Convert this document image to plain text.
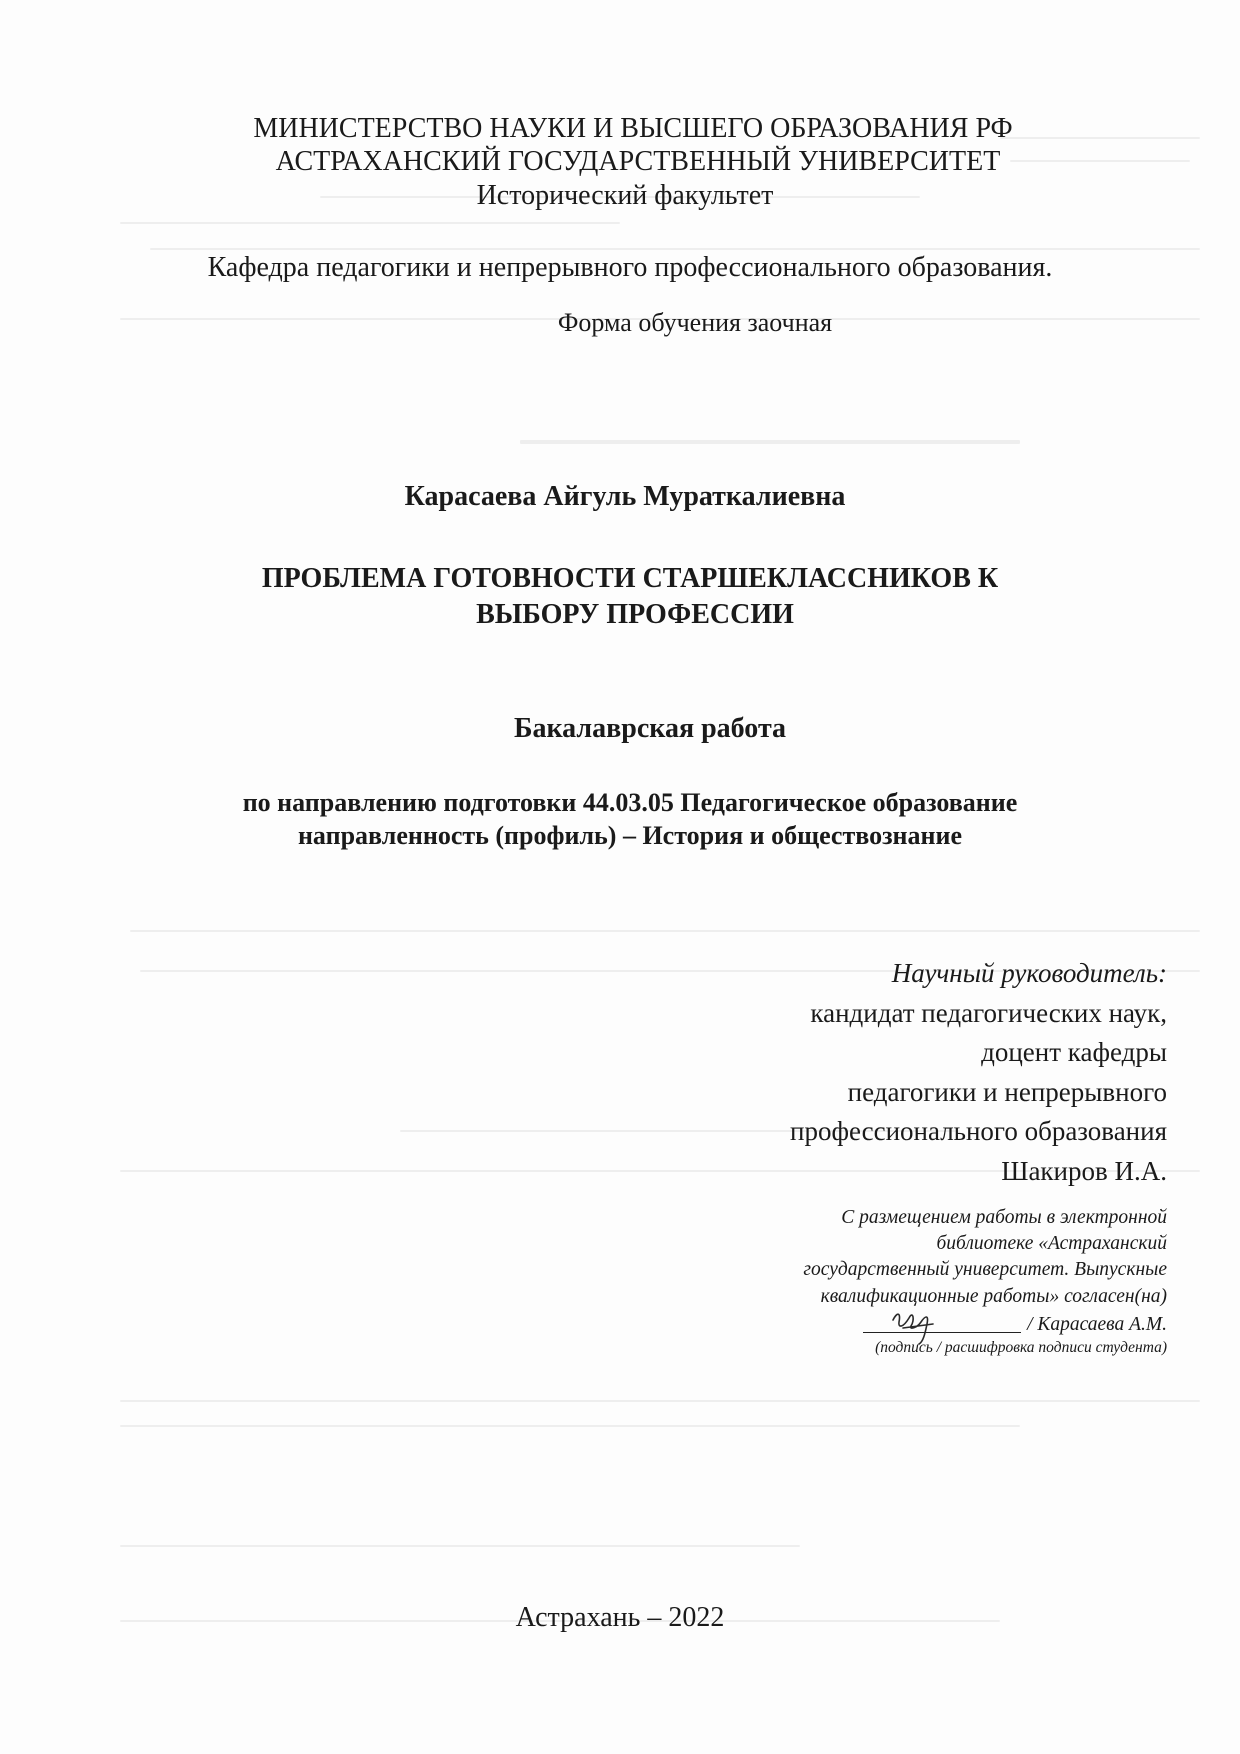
МИНИСТЕРСТВО НАУКИ И ВЫСШЕГО ОБРАЗОВАНИЯ РФ
АСТРАХАНСКИЙ ГОСУДАРСТВЕННЫЙ УНИВЕРСИТЕТ
Исторический факультет
Кафедра педагогики и непрерывного профессионального образования.
Форма обучения заочная
Карасаева Айгуль Мураткалиевна
ПРОБЛЕМА ГОТОВНОСТИ СТАРШЕКЛАССНИКОВ К
ВЫБОРУ ПРОФЕССИИ
Бакалаврская работа
по направлению подготовки 44.03.05 Педагогическое образование
направленность (профиль) – История и обществознание
Научный руководитель:
кандидат педагогических наук,
доцент кафедры
педагогики и непрерывного
профессионального образования
Шакиров И.А.
С размещением работы в электронной
библиотеке «Астраханский
государственный университет. Выпускные
квалификационные работы» согласен(на)
/ Карасаева А.М.
(подпись / расшифровка подписи студента)
Астрахань – 2022
